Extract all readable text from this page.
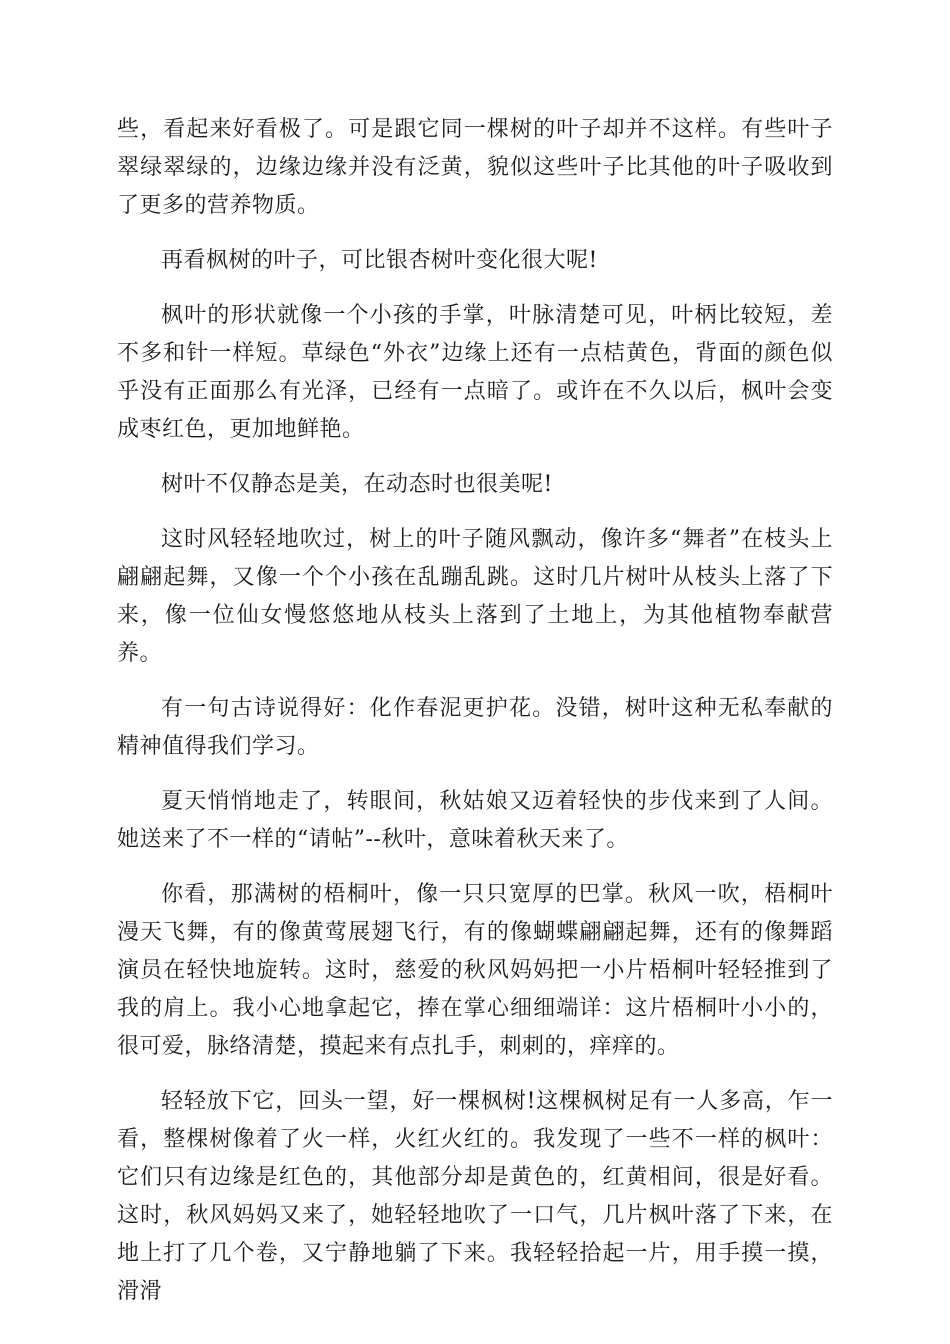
些，看起来好看极了。可是跟它同一棵树的叶子却并不这样。有些叶子翠绿翠绿的，边缘边缘并没有泛黄，貌似这些叶子比其他的叶子吸收到了更多的营养物质。

再看枫树的叶子，可比银杏树叶变化很大呢!

枫叶的形状就像一个小孩的手掌，叶脉清楚可见，叶柄比较短，差不多和针一样短。草绿色“外衣”边缘上还有一点桔黄色，背面的颜色似乎没有正面那么有光泽，已经有一点暗了。或许在不久以后，枫叶会变成枣红色，更加地鲜艳。

树叶不仅静态是美，在动态时也很美呢!

这时风轻轻地吹过，树上的叶子随风飘动，像许多“舞者”在枝头上翩翩起舞，又像一个个小孩在乱蹦乱跳。这时几片树叶从枝头上落了下来，像一位仙女慢悠悠地从枝头上落到了土地上，为其他植物奉献营养。

有一句古诗说得好：化作春泥更护花。没错，树叶这种无私奉献的精神值得我们学习。

夏天悄悄地走了，转眼间，秋姑娘又迈着轻快的步伐来到了人间。她送来了不一样的“请帖”--秋叶，意味着秋天来了。

你看，那满树的梧桐叶，像一只只宽厚的巴掌。秋风一吹，梧桐叶漫天飞舞，有的像黄莺展翅飞行，有的像蝴蝶翩翩起舞，还有的像舞蹈演员在轻快地旋转。这时，慈爱的秋风妈妈把一小片梧桐叶轻轻推到了我的肩上。我小心地拿起它，捧在掌心细细端详：这片梧桐叶小小的，很可爱，脉络清楚，摸起来有点扎手，刺刺的，痒痒的。

轻轻放下它，回头一望，好一棵枫树!这棵枫树足有一人多高，乍一看，整棵树像着了火一样，火红火红的。我发现了一些不一样的枫叶：它们只有边缘是红色的，其他部分却是黄色的，红黄相间，很是好看。这时，秋风妈妈又来了，她轻轻地吹了一口气，几片枫叶落了下来，在地上打了几个卷，又宁静地躺了下来。我轻轻拾起一片，用手摸一摸，滑滑
